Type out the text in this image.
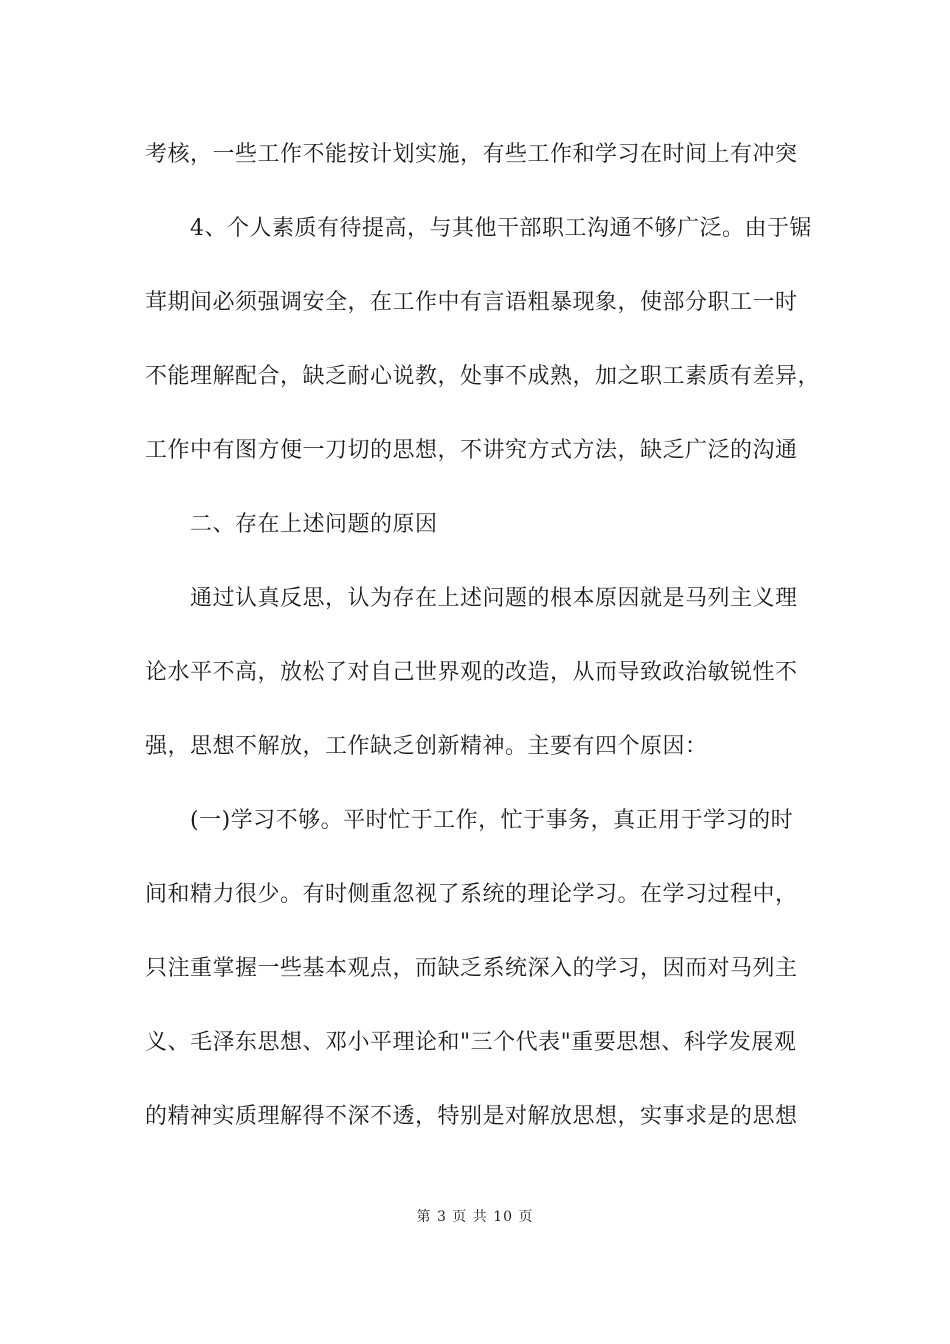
考核，一些工作不能按计划实施，有些工作和学习在时间上有冲突
4、个人素质有待提高，与其他干部职工沟通不够广泛。由于锯
茸期间必须强调安全，在工作中有言语粗暴现象，使部分职工一时
不能理解配合，缺乏耐心说教，处事不成熟，加之职工素质有差异，
工作中有图方便一刀切的思想，不讲究方式方法，缺乏广泛的沟通
二、存在上述问题的原因
通过认真反思，认为存在上述问题的根本原因就是马列主义理
论水平不高，放松了对自己世界观的改造，从而导致政治敏锐性不
强，思想不解放，工作缺乏创新精神。主要有四个原因：
(一)学习不够。平时忙于工作，忙于事务，真正用于学习的时
间和精力很少。有时侧重忽视了系统的理论学习。在学习过程中，
只注重掌握一些基本观点，而缺乏系统深入的学习，因而对马列主
义、毛泽东思想、邓小平理论和"三个代表"重要思想、科学发展观
的精神实质理解得不深不透，特别是对解放思想，实事求是的思想
第 3 页 共 10 页
